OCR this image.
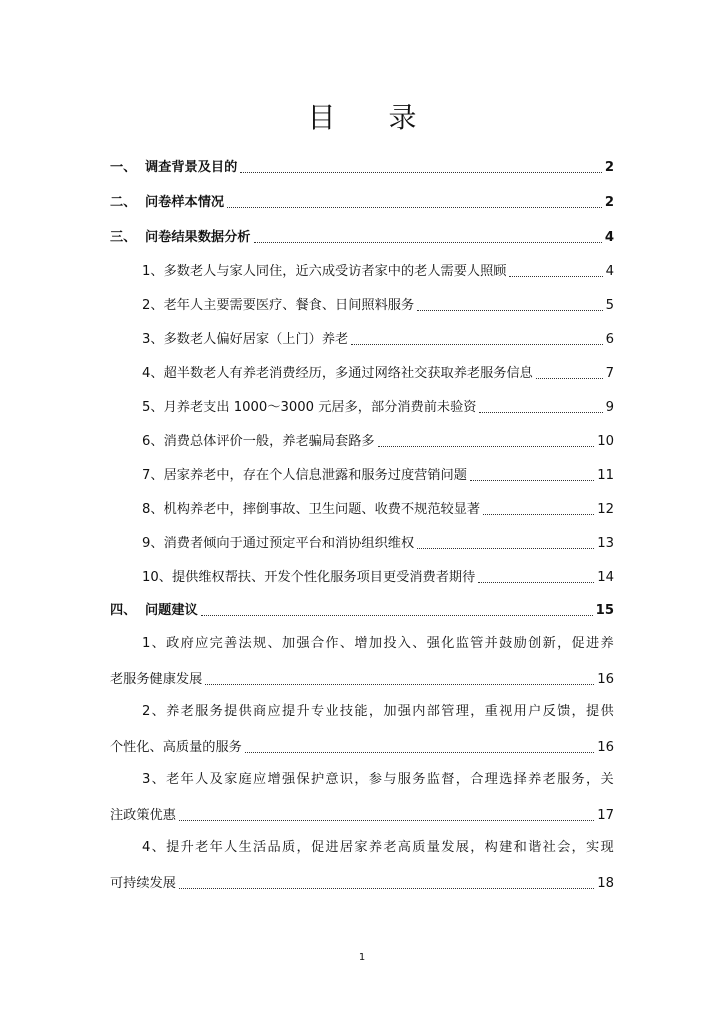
目 录
一、 调查背景及目的	2
二、 问卷样本情况	2
三、 问卷结果数据分析	4
1、多数老人与家人同住，近六成受访者家中的老人需要人照顾	4
2、老年人主要需要医疗、餐食、日间照料服务	5
3、多数老人偏好居家（上门）养老	6
4、超半数老人有养老消费经历，多通过网络社交获取养老服务信息	7
5、月养老支出 1000～3000 元居多，部分消费前未验资	9
6、消费总体评价一般，养老骗局套路多	10
7、居家养老中，存在个人信息泄露和服务过度营销问题	11
8、机构养老中，摔倒事故、卫生问题、收费不规范较显著	12
9、消费者倾向于通过预定平台和消协组织维权	13
10、提供维权帮扶、开发个性化服务项目更受消费者期待	14
四、 问题建议	15
1、政府应完善法规、加强合作、增加投入、强化监管并鼓励创新，促进养
老服务健康发展	16
2、养老服务提供商应提升专业技能，加强内部管理，重视用户反馈，提供
个性化、高质量的服务	16
3、老年人及家庭应增强保护意识，参与服务监督，合理选择养老服务，关
注政策优惠	17
4、提升老年人生活品质，促进居家养老高质量发展，构建和谐社会，实现
可持续发展	18
1
